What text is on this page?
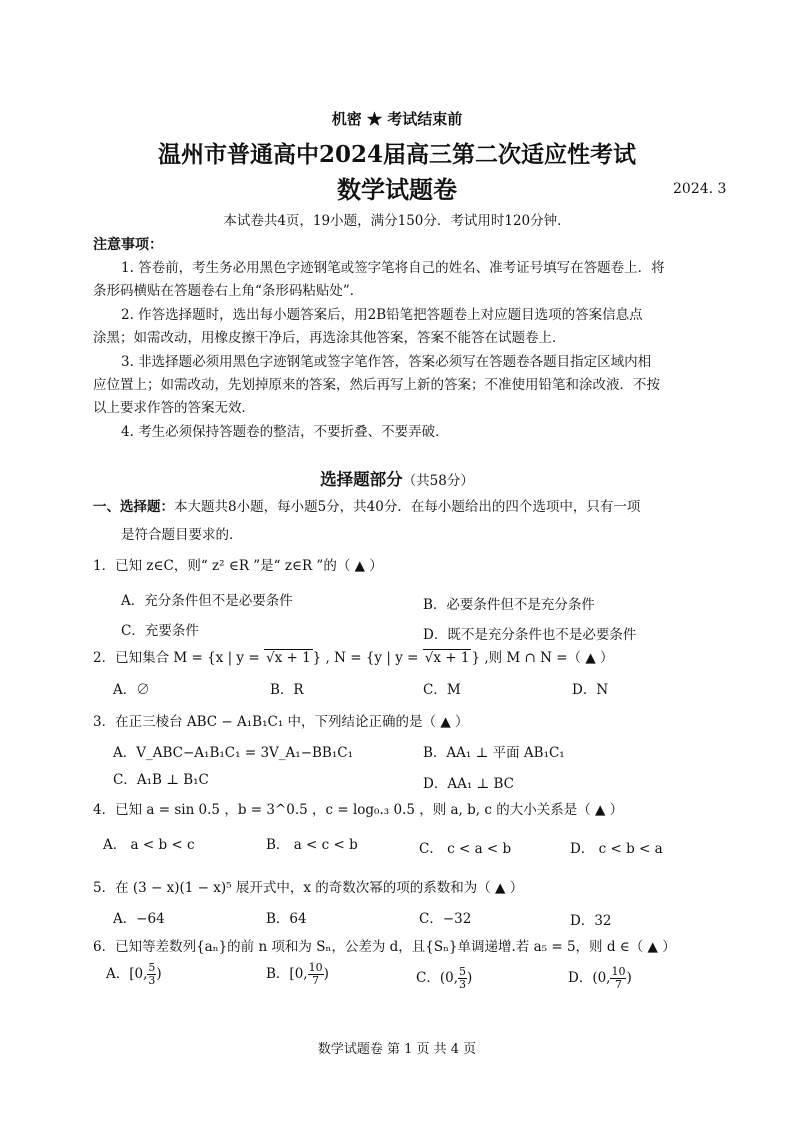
机密 ★ 考试结束前
温州市普通高中2024届高三第二次适应性考试
数学试题卷	2024. 3
本试卷共4页，19小题，满分150分．考试用时120分钟．
注意事项：
1. 答卷前，考生务必用黑色字迹钢笔或签字笔将自己的姓名、准考证号填写在答题卷上．将
条形码横贴在答题卷右上角“条形码粘贴处”．
2. 作答选择题时，选出每小题答案后，用2B铅笔把答题卷上对应题目选项的答案信息点
涂黑；如需改动，用橡皮擦干净后，再选涂其他答案，答案不能答在试题卷上．
3. 非选择题必须用黑色字迹钢笔或签字笔作答，答案必须写在答题卷各题目指定区域内相
应位置上；如需改动，先划掉原来的答案，然后再写上新的答案；不准使用铅笔和涂改液．不按
以上要求作答的答案无效．
4. 考生必须保持答题卷的整洁，不要折叠、不要弄破．
选择题部分（共58分）
一、选择题：本大题共8小题，每小题5分，共40分．在每小题给出的四个选项中，只有一项
是符合题目要求的．
1．已知 z∈C，则“ z² ∈R ”是“ z∈R ”的（ ▲ ）
A．充分条件但不是必要条件	B．必要条件但不是充分条件
C．充要条件	D．既不是充分条件也不是必要条件
2．已知集合 M = {x | y = √x + 1 } , N = {y | y = √x + 1 } ,则 M ∩ N =（ ▲ ）
A．∅	B．R	C．M	D．N
3．在正三棱台 ABC − A₁B₁C₁ 中，下列结论正确的是（ ▲ ）
A．V_ABC−A₁B₁C₁ = 3V_A₁−BB₁C₁	B．AA₁ ⊥ 平面 AB₁C₁
C．A₁B ⊥ B₁C	D．AA₁ ⊥ BC
4．已知 a = sin 0.5 ，b = 3^0.5 ，c = log₀.₃ 0.5 ，则 a, b, c 的大小关系是（ ▲ ）
A． a < b < c	B． a < c < b	C． c < a < b	D． c < b < a
5．在 (3 − x)(1 − x)⁵ 展开式中，x 的奇数次幂的项的系数和为（ ▲ ）
A．−64	B．64	C．−32	D．32
6．已知等差数列{aₙ}的前 n 项和为 Sₙ，公差为 d，且{Sₙ}单调递增.若 a₅ = 5，则 d ∈（ ▲ ）
A．[0, $\frac{5}{3}$ )	B．[0, $\frac{10}{7}$ )	C．(0, $\frac{5}{3}$ )	D．(0, $\frac{10}{7}$ )
数学试题卷 第 1 页 共 4 页
